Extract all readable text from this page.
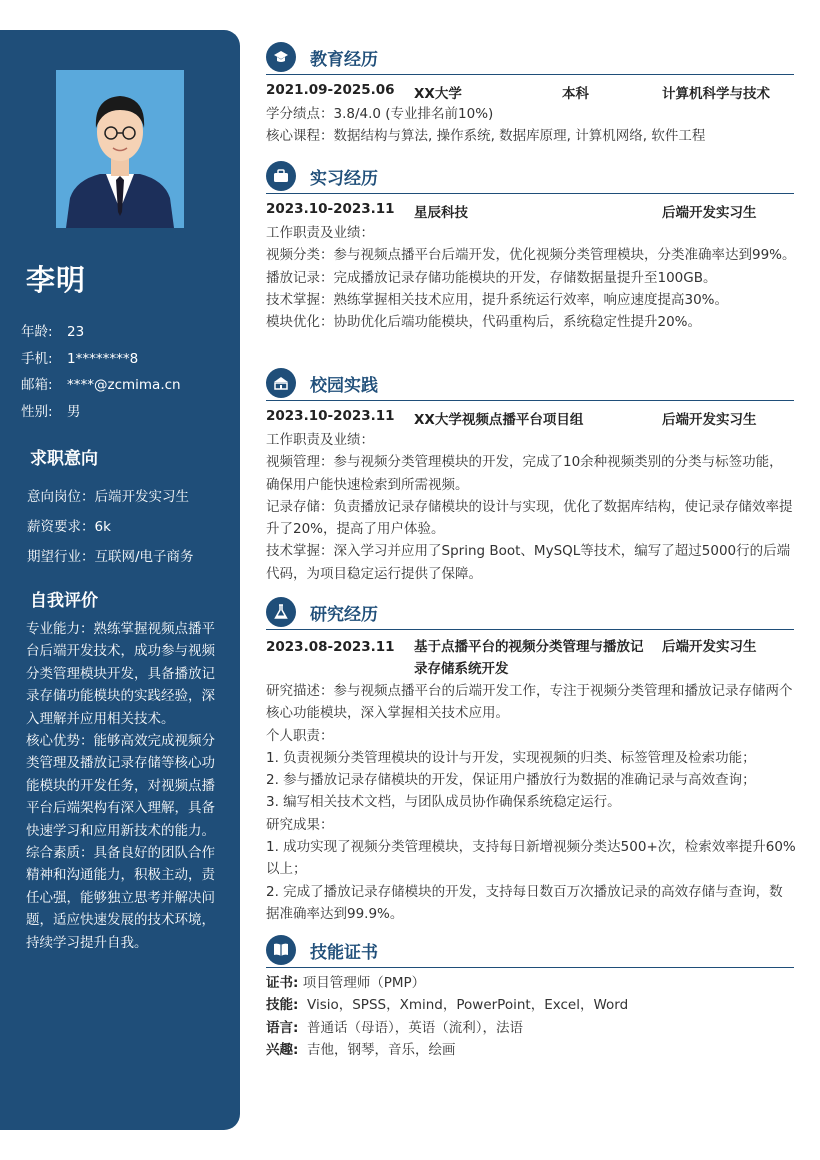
李明
年龄: 23
手机: 1********8
邮箱: ****@zcmima.cn
性别: 男
求职意向
意向岗位：后端开发实习生
薪资要求：6k
期望行业：互联网/电子商务
自我评价

专业能力：熟练掌握视频点播平台后端开发技术，成功参与视频分类管理模块开发，具备播放记录存储功能模块的实践经验，深入理解并应用相关技术。

核心优势：能够高效完成视频分类管理及播放记录存储等核心功能模块的开发任务，对视频点播平台后端架构有深入理解，具备快速学习和应用新技术的能力。

综合素质：具备良好的团队合作精神和沟通能力，积极主动，责任心强，能够独立思考并解决问题，适应快速发展的技术环境，持续学习提升自我。

教育经历
2021.09-2025.06 XX大学	本科	计算机科学与技术

学分绩点：3.8/4.0 (专业排名前10%)

核心课程：数据结构与算法, 操作系统, 数据库原理, 计算机网络, 软件工程

实习经历
2023.10-2023.11 星辰科技	后端开发实习生

工作职责及业绩：

视频分类：参与视频点播平台后端开发，优化视频分类管理模块，分类准确率达到99%。

播放记录：完成播放记录存储功能模块的开发，存储数据量提升至100GB。

技术掌握：熟练掌握相关技术应用，提升系统运行效率，响应速度提高30%。

模块优化：协助优化后端功能模块，代码重构后，系统稳定性提升20%。

校园实践
2023.10-2023.11 XX大学视频点播平台项目组	后端开发实习生

工作职责及业绩：

视频管理：参与视频分类管理模块的开发，完成了10余种视频类别的分类与标签功能，确保用户能快速检索到所需视频。

记录存储：负责播放记录存储模块的设计与实现，优化了数据库结构，使记录存储效率提升了20%，提高了用户体验。

技术掌握：深入学习并应用了Spring Boot、MySQL等技术，编写了超过5000行的后端代码，为项目稳定运行提供了保障。

研究经历
2023.08-2023.11 基于点播平台的视频分类管理与播放记录存储系统开发
后端开发实习生

研究描述：参与视频点播平台的后端开发工作，专注于视频分类管理和播放记录存储两个核心功能模块，深入掌握相关技术应用。

个人职责：

1. 负责视频分类管理模块的设计与开发，实现视频的归类、标签管理及检索功能；

2. 参与播放记录存储模块的开发，保证用户播放行为数据的准确记录与高效查询；

3. 编写相关技术文档，与团队成员协作确保系统稳定运行。

研究成果：

1. 成功实现了视频分类管理模块，支持每日新增视频分类达500+次，检索效率提升60%以上；

2. 完成了播放记录存储模块的开发，支持每日数百万次播放记录的高效存储与查询，数据准确率达到99.9%。

技能证书
证书: 项目管理师（PMP）
技能: Visio，SPSS，Xmind，PowerPoint，Excel，Word
语言: 普通话（母语），英语（流利），法语
兴趣: 吉他，钢琴，音乐，绘画
